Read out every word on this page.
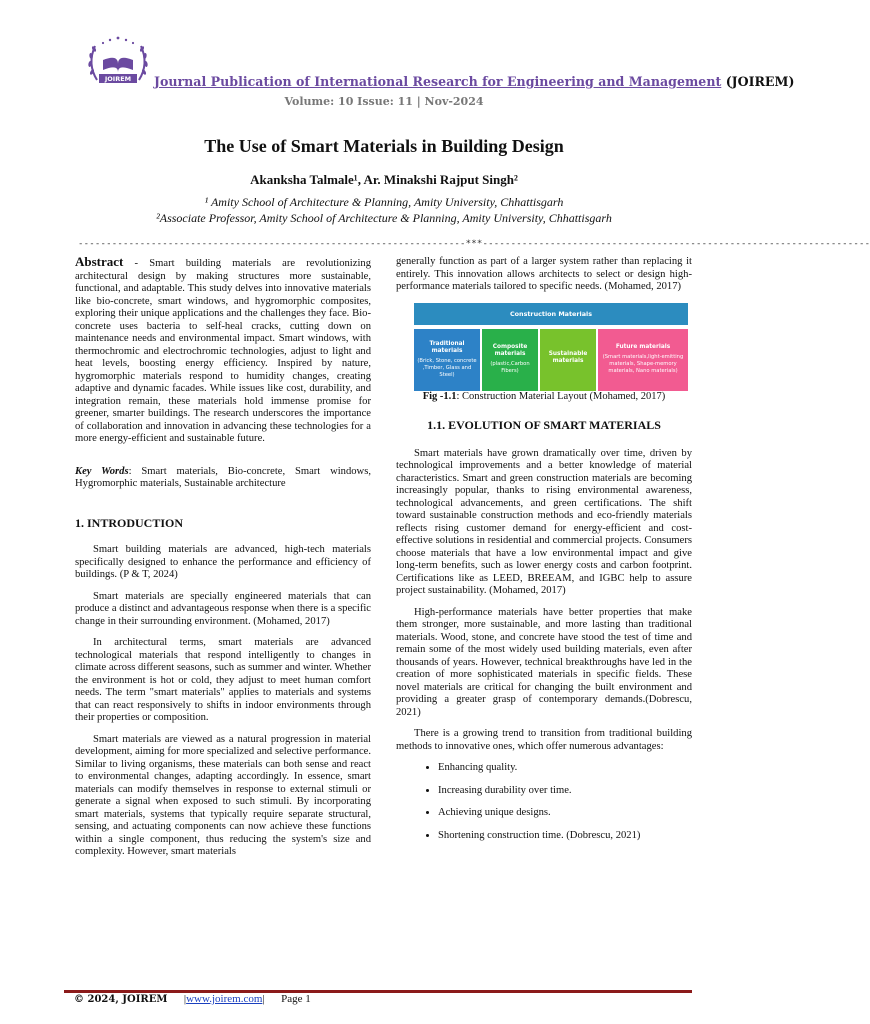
JOIREM Journal Publication of International Research for Engineering and Management (JOIREM)
Volume: 10 Issue: 11 | Nov-2024
The Use of Smart Materials in Building Design
Akanksha Talmale¹, Ar. Minakshi Rajput Singh²
¹ Amity School of Architecture & Planning, Amity University, Chhattisgarh
²Associate Professor, Amity School of Architecture & Planning, Amity University, Chhattisgarh
---------------------------------------------------------------------***---------------------------------------------------------------------

Abstract - Smart building materials are revolutionizing architectural design by making structures more sustainable, functional, and adaptable. This study delves into innovative materials like bio-concrete, smart windows, and hygromorphic composites, exploring their unique applications and the challenges they face. Bio-concrete uses bacteria to self-heal cracks, cutting down on maintenance needs and environmental impact. Smart windows, with thermochromic and electrochromic technologies, adjust to light and heat levels, boosting energy efficiency. Inspired by nature, hygromorphic materials respond to humidity changes, creating adaptive and dynamic facades. While issues like cost, durability, and integration remain, these materials hold immense promise for greener, smarter buildings. The research underscores the importance of collaboration and innovation in advancing these technologies for a more energy-efficient and sustainable future.

Key Words: Smart materials, Bio-concrete, Smart windows, Hygromorphic materials, Sustainable architecture

1. INTRODUCTION

Smart building materials are advanced, high-tech materials specifically designed to enhance the performance and efficiency of buildings. (P & T, 2024)

Smart materials are specially engineered materials that can produce a distinct and advantageous response when there is a specific change in their surrounding environment. (Mohamed, 2017)

In architectural terms, smart materials are advanced technological materials that respond intelligently to changes in climate across different seasons, such as summer and winter. Whether the environment is hot or cold, they adjust to meet human comfort needs. The term "smart materials" applies to materials and systems that can react responsively to shifts in indoor environments through their properties or composition.

Smart materials are viewed as a natural progression in material development, aiming for more specialized and selective performance. Similar to living organisms, these materials can both sense and react to environmental changes, adapting accordingly. In essence, smart materials can modify themselves in response to external stimuli or generate a signal when exposed to such stimuli. By incorporating smart materials, systems that typically require separate structural, sensing, and actuating components can now achieve these functions within a single component, thus reducing the system's size and complexity. However, smart materials

generally function as part of a larger system rather than replacing it entirely. This innovation allows architects to select or design high-performance materials tailored to specific needs. (Mohamed, 2017)

Construction Materials
Traditional materials
(Brick, Stone, concrete ,Timber, Glass and Steel)
Composite materials
(plastic,Carbon Fibers)
Sustainable materials
Future materials
(Smart materials,light-emitting materials, Shape-memory materials, Nano materials)

Fig -1.1: Construction Material Layout (Mohamed, 2017)

1.1. EVOLUTION OF SMART MATERIALS

Smart materials have grown dramatically over time, driven by technological improvements and a better knowledge of material characteristics. Smart and green construction materials are becoming increasingly popular, thanks to rising environmental awareness, technological advancements, and green certifications. The shift toward sustainable construction methods and eco-friendly materials reflects rising customer demand for energy-efficient and cost-effective solutions in residential and commercial projects. Consumers choose materials that have a low environmental impact and give long-term benefits, such as lower energy costs and carbon footprint. Certifications like as LEED, BREEAM, and IGBC help to assure project sustainability. (Mohamed, 2017)

High-performance materials have better properties that make them stronger, more sustainable, and more lasting than traditional materials. Wood, stone, and concrete have stood the test of time and remain some of the most widely used building materials, even after thousands of years. However, technical breakthroughs have led in the creation of more sophisticated materials in specific fields. These novel materials are critical for changing the built environment and providing a greater grasp of contemporary demands.(Dobrescu, 2021)

There is a growing trend to transition from traditional building methods to innovative ones, which offer numerous advantages:

• Enhancing quality.
• Increasing durability over time.
• Achieving unique designs.
• Shortening construction time. (Dobrescu, 2021)
© 2024, JOIREM      |www.joirem.com|      Page 1
